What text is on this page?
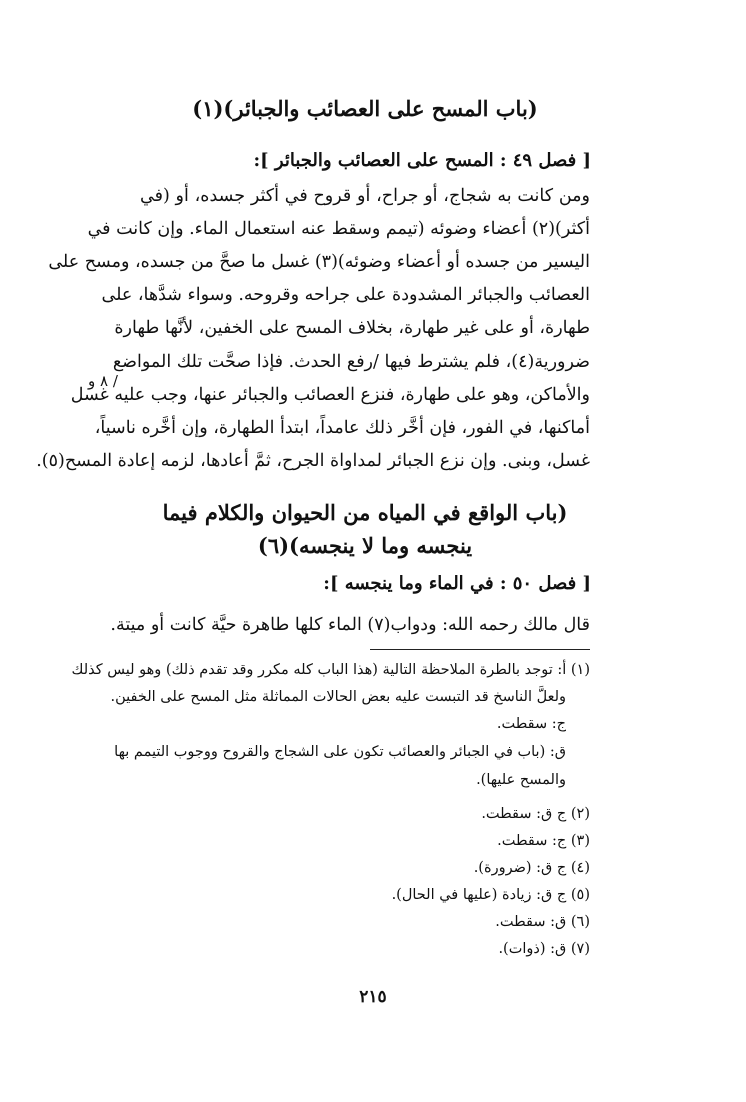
(باب المسح على العصائب والجبائر)(١)
[ فصل ٤٩ : المسح على العصائب والجبائر ]:

ومن كانت به شجاج، أو جراح، أو قروح في أكثر جسده، أو (في

أكثر)(٢) أعضاء وضوئه (تيمم وسقط عنه استعمال الماء. وإن كانت في

اليسير من جسده أو أعضاء وضوئه)(٣) غسل ما صحَّ من جسده، ومسح على

العصائب والجبائر المشدودة على جراحه وقروحه. وسواء شدَّها، على

طهارة، أو على غير طهارة، بخلاف المسح على الخفين، لأنَّها طهارة

ضرورية(٤)، فلم يشترط فيها /رفع الحدث. فإذا صحَّت تلك المواضع

والأماكن، وهو على طهارة، فنزع العصائب والجبائر عنها، وجب عليه غسل

أماكنها، في الفور، فإن أخَّر ذلك عامداً، ابتدأ الطهارة، وإن أخَّره ناسياً،

غسل، وبنى. وإن نزع الجبائر لمداواة الجرح، ثمَّ أعادها، لزمه إعادة المسح(٥).

/ ٨ و
(باب الواقع في المياه من الحيوان والكلام فيما
ينجسه وما لا ينجسه)(٦)
[ فصل ٥٠ : في الماء وما ينجسه ]:

قال مالك رحمه الله: ودواب(٧) الماء كلها طاهرة حيَّة كانت أو ميتة.

(١) أ: توجد بالطرة الملاحظة التالية (هذا الباب كله مكرر وقد تقدم ذلك) وهو ليس كذلك

ولعلَّ الناسخ قد التبست عليه بعض الحالات المماثلة مثل المسح على الخفين.

ج: سقطت.

ق: (باب في الجبائر والعصائب تكون على الشجاج والقروح ووجوب التيمم بها

والمسح عليها).

(٢) ج ق: سقطت.

(٣) ج: سقطت.

(٤) ج ق: (ضرورة).

(٥) ج ق: زيادة (عليها في الحال).

(٦) ق: سقطت.

(٧) ق: (ذوات).

٢١٥
